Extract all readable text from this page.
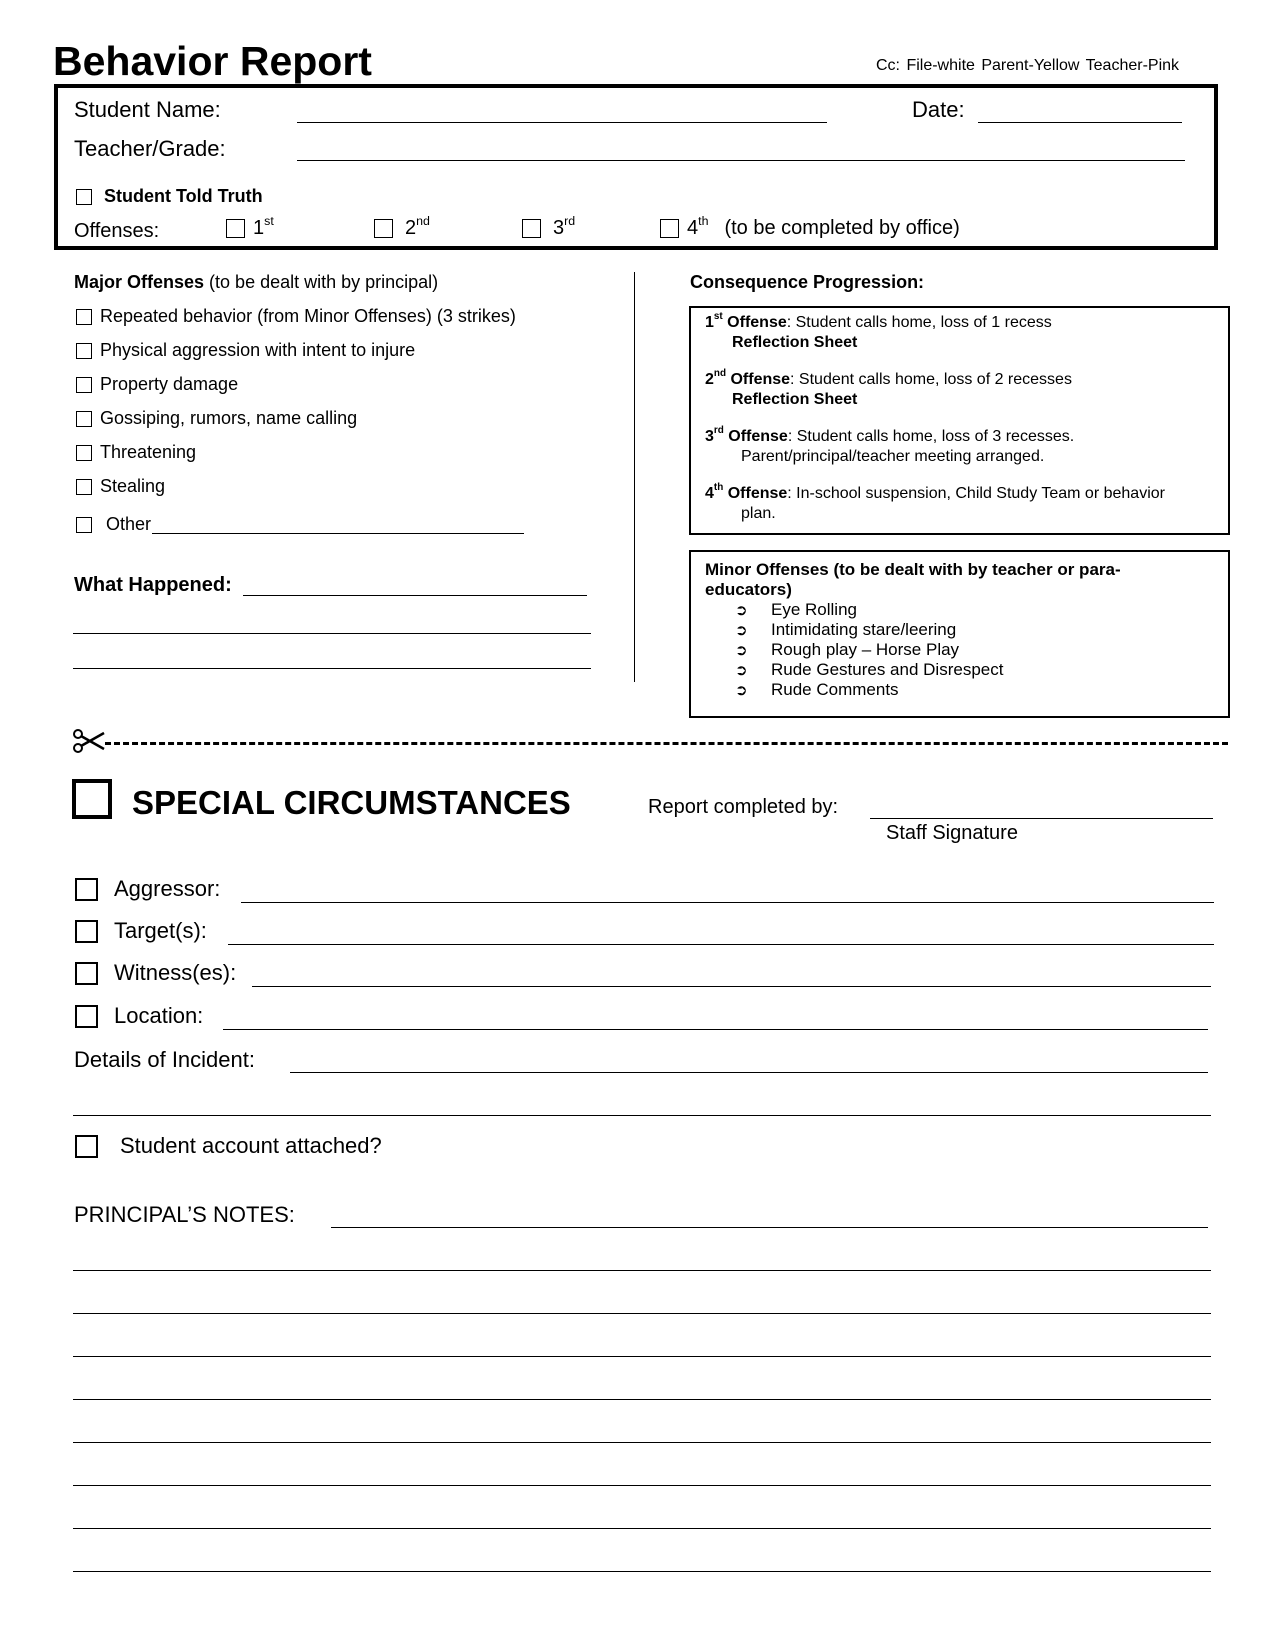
Behavior Report	Cc: File-white Parent-Yellow Teacher-Pink
Student Name:	Date:
Teacher/Grade:
Student Told Truth
Offenses:	1st	2nd	3rd	4th (to be completed by office)
Major Offenses (to be dealt with by principal)
Repeated behavior (from Minor Offenses) (3 strikes)
Physical aggression with intent to injure
Property damage
Gossiping, rumors, name calling
Threatening
Stealing
Other
What Happened:
Consequence Progression:
1st Offense: Student calls home, loss of 1 recess
Reflection Sheet
2nd Offense: Student calls home, loss of 2 recesses
Reflection Sheet
3rd Offense: Student calls home, loss of 3 recesses.
Parent/principal/teacher meeting arranged.
4th Offense: In-school suspension, Child Study Team or behavior
plan.
Minor Offenses (to be dealt with by teacher or para-
educators)
➲ Eye Rolling
➲ Intimidating stare/leering
➲ Rough play – Horse Play
➲ Rude Gestures and Disrespect
➲ Rude Comments
SPECIAL CIRCUMSTANCES	Report completed by:
Staff Signature
Aggressor:
Target(s):
Witness(es):
Location:
Details of Incident:
Student account attached?
PRINCIPAL’S NOTES:
